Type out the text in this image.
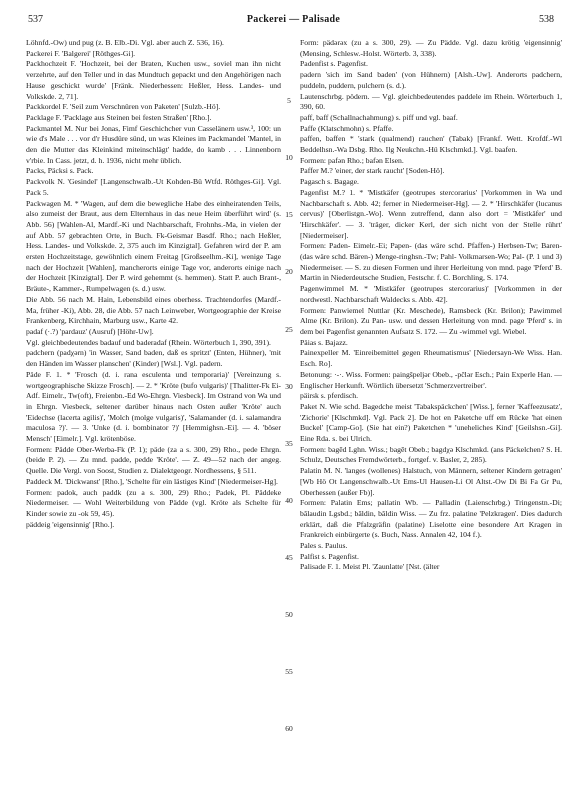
537	Packerei — Palisade	538

Löhnfd.-Ow) und pug (z. B. Elb.-Di. Vgl. aber auch Z. 536, 16).

Packerei F. 'Balgerei' [Röthges-Gi].

Packhochzeit F. 'Hochzeit, bei der Braten, Kuchen usw., soviel man ihn nicht verzehrte, auf den Teller und in das Mundtuch gepackt und den Angehörigen nach Hause geschickt wurde' [Fränk. Niederhessen: Heßler, Hess. Landes- und Volkskde. 2, 71].

Packkordel F. 'Seil zum Verschnüren von Paketen' [Sulzb.-Hö].

Packlage F. 'Packlage aus Steinen bei festen Straßen' [Rho.].

Packmantel M. Nur bei Jonas, Fimf Geschichcher vun Casselänern usw.³, 100: un wie d's Male . . . vor d'r Husdüre sünd, un was Kleines im Packmandel 'Mantel, in den die Mutter das Kleinkind miteinschlägt' hadde, do kamb . . . Linnenborn v'rbie. In Cass. jetzt, d. h. 1936, nicht mehr üblich.

Packs, Päcksi s. Pack.

Packvolk N. 'Gesindel' [Langenschwalb.-Ut Kohden-Bü Wtfd. Röthges-Gi]. Vgl. Pack 5.

Packwagen M. * 'Wagen, auf dem die bewegliche Habe des einheiratenden Teils, also zumeist der Braut, aus dem Elternhaus in das neue Heim überführt wird' (s. Abb. 56) [Wahlen-Al, Mardf.-Ki und Nachbarschaft, Frohnhs.-Ma, in vielen der auf Abb. 57 gebrachten Orte, in Buch. Fk-Geismar Basdf. Rho.; nach Heßler, Hess. Landes- und Volkskde. 2, 375 auch im Kinzigtal]. Gefahren wird der P. am ersten Hochzeitstage, gewöhnlich einem Freitag [Großseelhm.-Ki], wenige Tage nach der Hochzeit [Wahlen], mancherorts einige Tage vor, anderorts einige nach der Hochzeit [Kinzigtal]. Der P. wird gehemmt (s. hemmen). Statt P. auch Brant-, Bräute-, Kammer-, Rumpelwagen (s. d.) usw.

Die Abb. 56 nach M. Hain, Lebensbild eines oberhess. Trachtendorfes (Mardf.-Ma, früher -Ki), Abb. 28, die Abb. 57 nach Leinweber, Wortgeographie der Kreise Frankenberg, Kirchhain, Marburg usw., Karte 42.

padaf (·.?) 'pardauz' (Ausruf) [Höhr-Uw].

Vgl. gleichbedeutendes badauf und baderadaf (Rhein. Wörterbuch 1, 390, 391).

padchern (padχərn) 'in Wasser, Sand baden, daß es spritzt' (Enten, Hühner), 'mit den Händen im Wasser planschen' (Kinder) [Wsl.]. Vgl. padern.

Päde F. 1. * 'Frosch (d. i. rana esculenta und temporaria)' [Vereinzung s. wortgeographische Skizze Frosch]. — 2. * 'Kröte (bufo vulgaris)' [Thalitter-Fk Ei-Adf. Eimelr., Tw(oft), Freienbn.-Ed Wo-Ehrgn. Viesbeck]. Im Ostrand von Wa und in Ehrgn. Viesbeck, seltener darüber hinaus nach Osten außer 'Kröte' auch 'Eidechse (lacerta agilis)', 'Molch (molge vulgaris)', 'Salamander (d. i. salamandra maculosa ?)'. — 3. 'Unke (d. i. bombinator ?)' [Hemmighsn.-Ei]. — 4. 'böser Mensch' [Eimelr.]. Vgl. krötenböse.

Formen: Pädde Ober-Werba-Fk (P. 1); päde (za a s. 300, 29) Rho., pede Ehrgn. (beide P. 2). — Zu mnd. padde, pedde 'Kröte'. — Z. 49—52 nach der angeg. Quelle. Die Vergl. von Soost, Studien z. Dialektgeogr. Nordhessens, § 511.

Paddeck M. 'Dickwanst' [Rho.], 'Schelte für ein lästiges Kind' [Niedermeiser-Hg].

Formen: padok, auch paddk (zu a s. 300, 29) Rho.; Padek, Pl. Päddeke Niedermeiser. — Wohl Weiterbildung von Pädde (vgl. Kröte als Schelte für Kinder sowie zu -ok 59, 45).

päddeig 'eigensinnig' [Rho.].

Form: pädərəx (zu a s. 300, 29). — Zu Pädde. Vgl. dazu krötig 'eigensinnig' (Mensing, Schlesw.-Holst. Wörterb. 3, 338).

Padenfist s. Pagenfist.

padern 'sich im Sand baden' (von Hühnern) [Alsh.-Uw]. Anderorts padchern, puddeln, puddern, pulchern (s. d.).

Lautenschrbg. pödern. — Vgl. gleichbedeutendes paddele im Rhein. Wörterbuch 1, 390, 60.

paff, baff (Schallnachahmung) s. piff und vgl. baaf.

Paffe (Klatschmohn) s. Pfaffe.

paffen, baffen * 'stark (qualmend) rauchen' (Tabak) [Frankf. Wett. Krofdf.-Wl Beddelhsn.-Wa Dsbg. Rho. Ilg Neukchn.-Hü Klschmkd.]. Vgl. baafen.

Formen: pafən Rho.; bafən Elsen.

Paffer M.? 'einer, der stark raucht' [Soden-Hö].

Pagasch s. Bagage.

Pagenfist M.? 1. * 'Mistkäfer (geotrupes stercorarius' [Vorkommen in Wa und Nachbarschaft s. Abb. 42; ferner in Niedermeiser-Hg]. — 2. * 'Hirschkäfer (lucanus cervus)' [Oberlistgn.-Wo]. Wenn zutreffend, dann also dort = 'Mistkäfer' und 'Hirschkäfer'. — 3. 'träger, dicker Kerl, der sich nicht von der Stelle rührt' [Niedermeiser].

Formen: Paden- Eimelr.-Ei; Papen- (das wäre schd. Pfaffen-) Herbsen-Tw; Baren- (das wäre schd. Bären-) Menge-ringhsn.-Tw; Pahl- Volkmarsen-Wo; Pal- (P. 1 und 3) Niedermeiser. — S. zu diesen Formen und ihrer Herleitung von mnd. page 'Pferd' B. Martin in Niederdeutsche Studien, Festschr. f. C. Borchling, S. 174.

Pagenwimmel M. * 'Mistkäfer (geotrupes stercorarius)' [Vorkommen in der nordwestl. Nachbarschaft Waldecks s. Abb. 42].

Formen: Panwiemel Nuttlar (Kr. Meschede), Ramsbeck (Kr. Brilon); Pawimmel Alme (Kr. Brilon). Zu Pan- usw. und dessen Herleitung von mnd. page 'Pferd' s. in dem bei Pagenfist genannten Aufsatz S. 172. — Zu -wimmel vgl. Wiebel.

Päias s. Bajazz.

Painexpeller M. 'Einreibemittel gegen Rheumatismus' [Niedersayn-We Wiss. Han. Esch. Ro].

Betonung: ·-·. Wiss. Formen: paingšpeljər Obeb., -pčlər Esch.; Pain Experle Han. — Englischer Herkunft. Wörtlich übersetzt 'Schmerzvertreiber'.

päirsk s. pferdisch.

Paket N. Wie schd. Bagedche meist 'Tabakspäckchen' [Wiss.], ferner 'Kaffeezusatz', 'Zichorie' [Klschmkd]. Vgl. Pack 2]. De hot en Paketche uff em Rücke 'hat einen Buckel' [Camp-Go]. (Sie hat ein?) Paketchen * 'uneheliches Kind' [Geilshsn.-Gi]. Eine Rda. s. bei Ulrich.

Formen: bagēd Lghn. Wiss.; bagēt Obeb.; bagdχə Klschmkd. (ans Päckelchen? S. H. Schulz, Deutsches Fremdwörterb., fortgef. v. Basler, 2, 285).

Palatin M. N. 'langes (wollenes) Halstuch, von Männern, seltener Kindern getragen' [Wb Hö Ot Langenschwalb.-Ut Ems-Ul Hausen-Li Ol Altst.-Ow Di Bi Fa Gr Pu, Oberhessen (außer Fb)].

Formen: Palatin Ems; pallatin Wb. — Palladin (Laienschrbg.) Tringenstn.-Di; bâlaudin Lgsbd.; bâldin, bâldin Wiss. — Zu frz. palatine 'Pelzkragen'. Dies dadurch erklärt, daß die Pfalzgräfin (palatine) Liselotte eine besondere Art Kragen in Frankreich einbürgerte (s. Buch, Nass. Annalen 42, 104 f.).

Pales s. Paulus.

Palfist s. Pagenfist.

Palisade F. 1. Meist Pl. 'Zaunlatte' [Nst. (älter

5
10
15
20
25
30
35
40
45
50
55
60
